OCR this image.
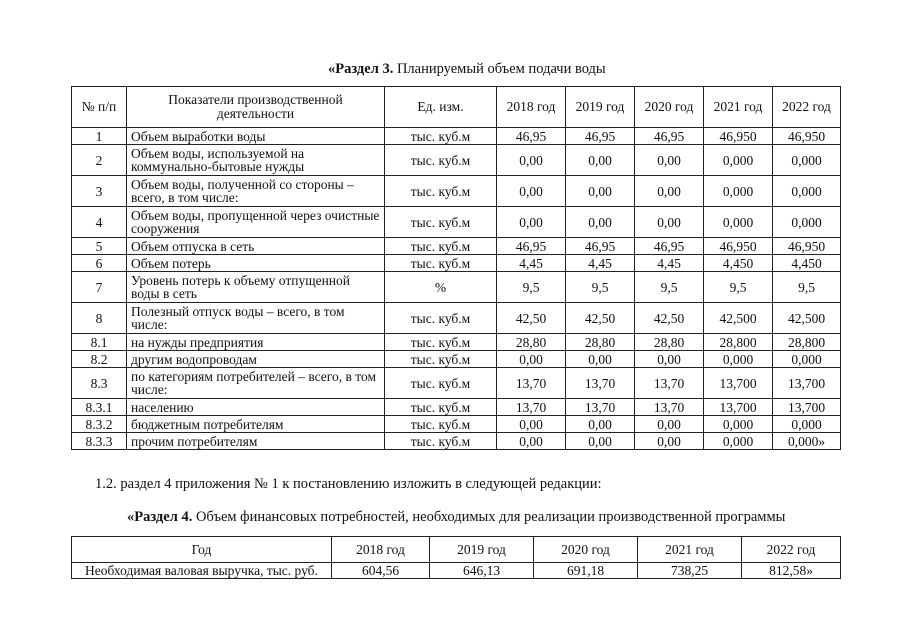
«Раздел 3. Планируемый объем подачи воды
№ п/п	Показатели производственной деятельности	Ед. изм.	2018 год	2019 год	2020 год	2021 год	2022 год
1	Объем выработки воды	тыс. куб.м	46,95	46,95	46,95	46,950	46,950
2	Объем воды, используемой на коммунально-бытовые нужды	тыс. куб.м	0,00	0,00	0,00	0,000	0,000
3	Объем воды, полученной со стороны – всего, в том числе:	тыс. куб.м	0,00	0,00	0,00	0,000	0,000
4	Объем воды, пропущенной через очистные сооружения	тыс. куб.м	0,00	0,00	0,00	0,000	0,000
5	Объем отпуска в сеть	тыс. куб.м	46,95	46,95	46,95	46,950	46,950
6	Объем потерь	тыс. куб.м	4,45	4,45	4,45	4,450	4,450
7	Уровень потерь к объему отпущенной воды в сеть	%	9,5	9,5	9,5	9,5	9,5
8	Полезный отпуск воды – всего, в том числе:	тыс. куб.м	42,50	42,50	42,50	42,500	42,500
8.1	на нужды предприятия	тыс. куб.м	28,80	28,80	28,80	28,800	28,800
8.2	другим водопроводам	тыс. куб.м	0,00	0,00	0,00	0,000	0,000
8.3	по категориям потребителей – всего, в том числе:	тыс. куб.м	13,70	13,70	13,70	13,700	13,700
8.3.1	населению	тыс. куб.м	13,70	13,70	13,70	13,700	13,700
8.3.2	бюджетным потребителям	тыс. куб.м	0,00	0,00	0,00	0,000	0,000
8.3.3	прочим потребителям	тыс. куб.м	0,00	0,00	0,00	0,000	0,000»
1.2. раздел 4 приложения № 1 к постановлению изложить в следующей редакции:
«Раздел 4. Объем финансовых потребностей, необходимых для реализации производственной программы
Год	2018 год	2019 год	2020 год	2021 год	2022 год
Необходимая валовая выручка, тыс. руб.	604,56	646,13	691,18	738,25	812,58»
